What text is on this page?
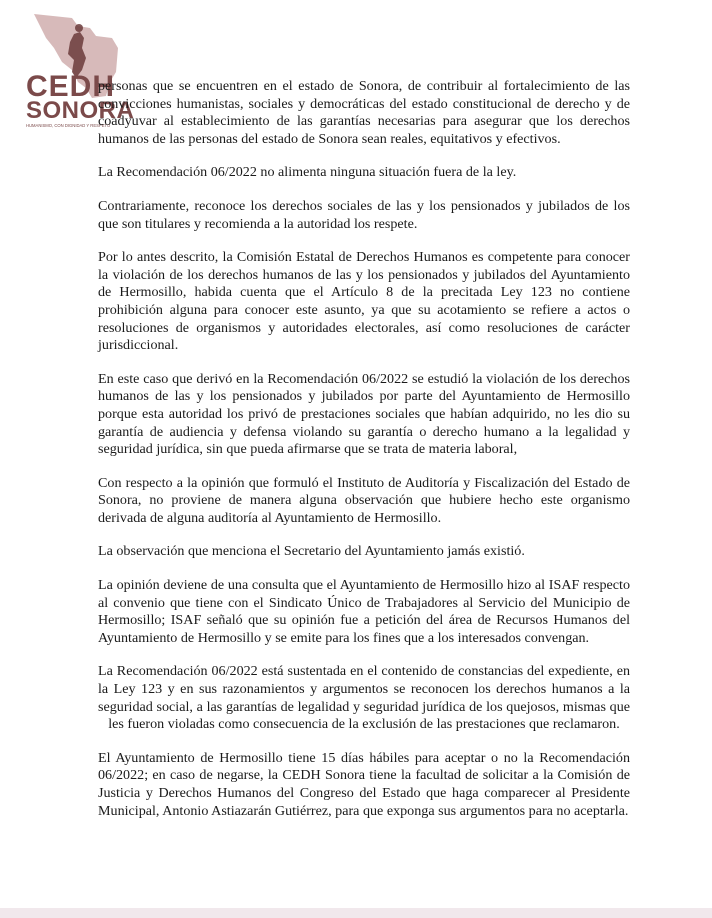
CEDH
SONORA
HUMANISMO, CON DIGNIDAD Y RESPETO

personas que se encuentren en el estado de Sonora, de contribuir al fortalecimiento de las convicciones humanistas, sociales y democráticas del estado constitucional de derecho y de coadyuvar al establecimiento de las garantías necesarias para asegurar que los derechos humanos de las personas del estado de Sonora sean reales, equitativos y efectivos.

La Recomendación 06/2022 no alimenta ninguna situación fuera de la ley.

Contrariamente, reconoce los derechos sociales de las y los pensionados y jubilados de los que son titulares y recomienda a la autoridad los respete.

Por lo antes descrito, la Comisión Estatal de Derechos Humanos es competente para conocer la violación de los derechos humanos de las y los pensionados y jubilados del Ayuntamiento de Hermosillo, habida cuenta que el Artículo 8 de la precitada Ley 123 no contiene prohibición alguna para conocer este asunto, ya que su acotamiento se refiere a actos o resoluciones de organismos y autoridades electorales, así como resoluciones de carácter jurisdiccional.

En este caso que derivó en la Recomendación 06/2022 se estudió la violación de los derechos humanos de las y los pensionados y jubilados por parte del Ayuntamiento de Hermosillo porque esta autoridad los privó de prestaciones sociales que habían adquirido, no les dio su garantía de audiencia y defensa violando su garantía o derecho humano a la legalidad y seguridad jurídica, sin que pueda afirmarse que se trata de materia laboral,

Con respecto a la opinión que formuló el Instituto de Auditoría y Fiscalización del Estado de Sonora, no proviene de manera alguna observación que hubiere hecho este organismo derivada de alguna auditoría al Ayuntamiento de Hermosillo.

La observación que menciona el Secretario del Ayuntamiento jamás existió.

La opinión deviene de una consulta que el Ayuntamiento de Hermosillo hizo al ISAF respecto al convenio que tiene con el Sindicato Único de Trabajadores al Servicio del Municipio de Hermosillo; ISAF señaló que su opinión fue a petición del área de Recursos Humanos del Ayuntamiento de Hermosillo y se emite para los fines que a los interesados convengan.

La Recomendación 06/2022 está sustentada en el contenido de constancias del expediente, en la Ley 123 y en sus razonamientos y argumentos se reconocen los derechos humanos a la seguridad social, a las garantías de legalidad y seguridad jurídica de los quejosos, mismas que les fueron violadas como consecuencia de la exclusión de las prestaciones que reclamaron.

El Ayuntamiento de Hermosillo tiene 15 días hábiles para aceptar o no la Recomendación 06/2022; en caso de negarse, la CEDH Sonora tiene la facultad de solicitar a la Comisión de Justicia y Derechos Humanos del Congreso del Estado que haga comparecer al Presidente Municipal, Antonio Astiazarán Gutiérrez, para que exponga sus argumentos para no aceptarla.
